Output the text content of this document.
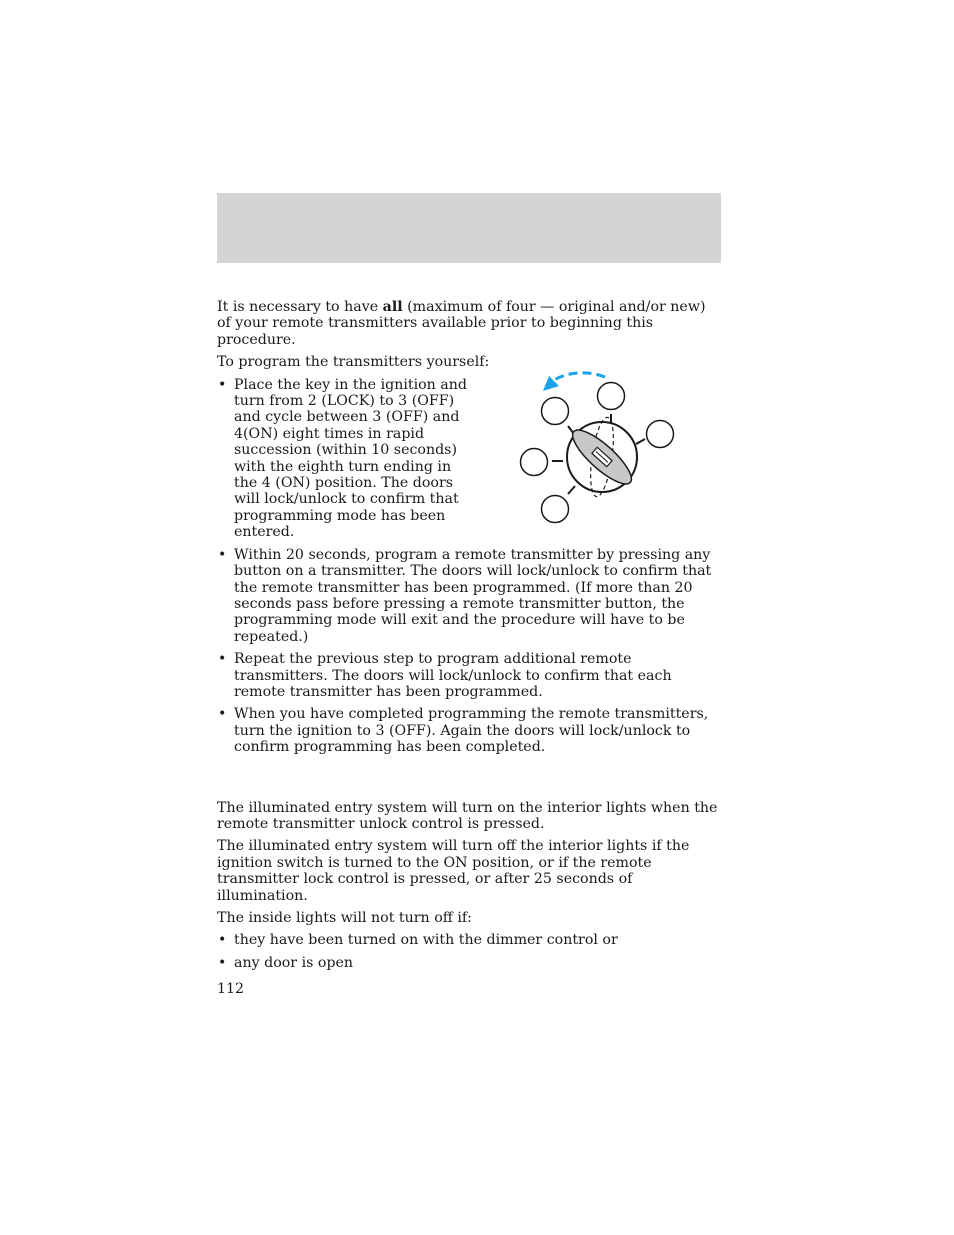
It is necessary to have all (maximum of four — original and/or new) of your remote transmitters available prior to beginning this procedure.

To program the transmitters yourself:

• Place the key in the ignition and turn from 2 (LOCK) to 3 (OFF) and cycle between 3 (OFF) and 4(ON) eight times in rapid succession (within 10 seconds) with the eighth turn ending in the 4 (ON) position. The doors will lock/unlock to confirm that programming mode has been entered.
• Within 20 seconds, program a remote transmitter by pressing any button on a transmitter. The doors will lock/unlock to confirm that the remote transmitter has been programmed. (If more than 20 seconds pass before pressing a remote transmitter button, the programming mode will exit and the procedure will have to be repeated.)
• Repeat the previous step to program additional remote transmitters. The doors will lock/unlock to confirm that each remote transmitter has been programmed.
• When you have completed programming the remote transmitters, turn the ignition to 3 (OFF). Again the doors will lock/unlock to confirm programming has been completed.

The illuminated entry system will turn on the interior lights when the remote transmitter unlock control is pressed.

The illuminated entry system will turn off the interior lights if the ignition switch is turned to the ON position, or if the remote transmitter lock control is pressed, or after 25 seconds of illumination.

The inside lights will not turn off if:

• they have been turned on with the dimmer control or
• any door is open
112
